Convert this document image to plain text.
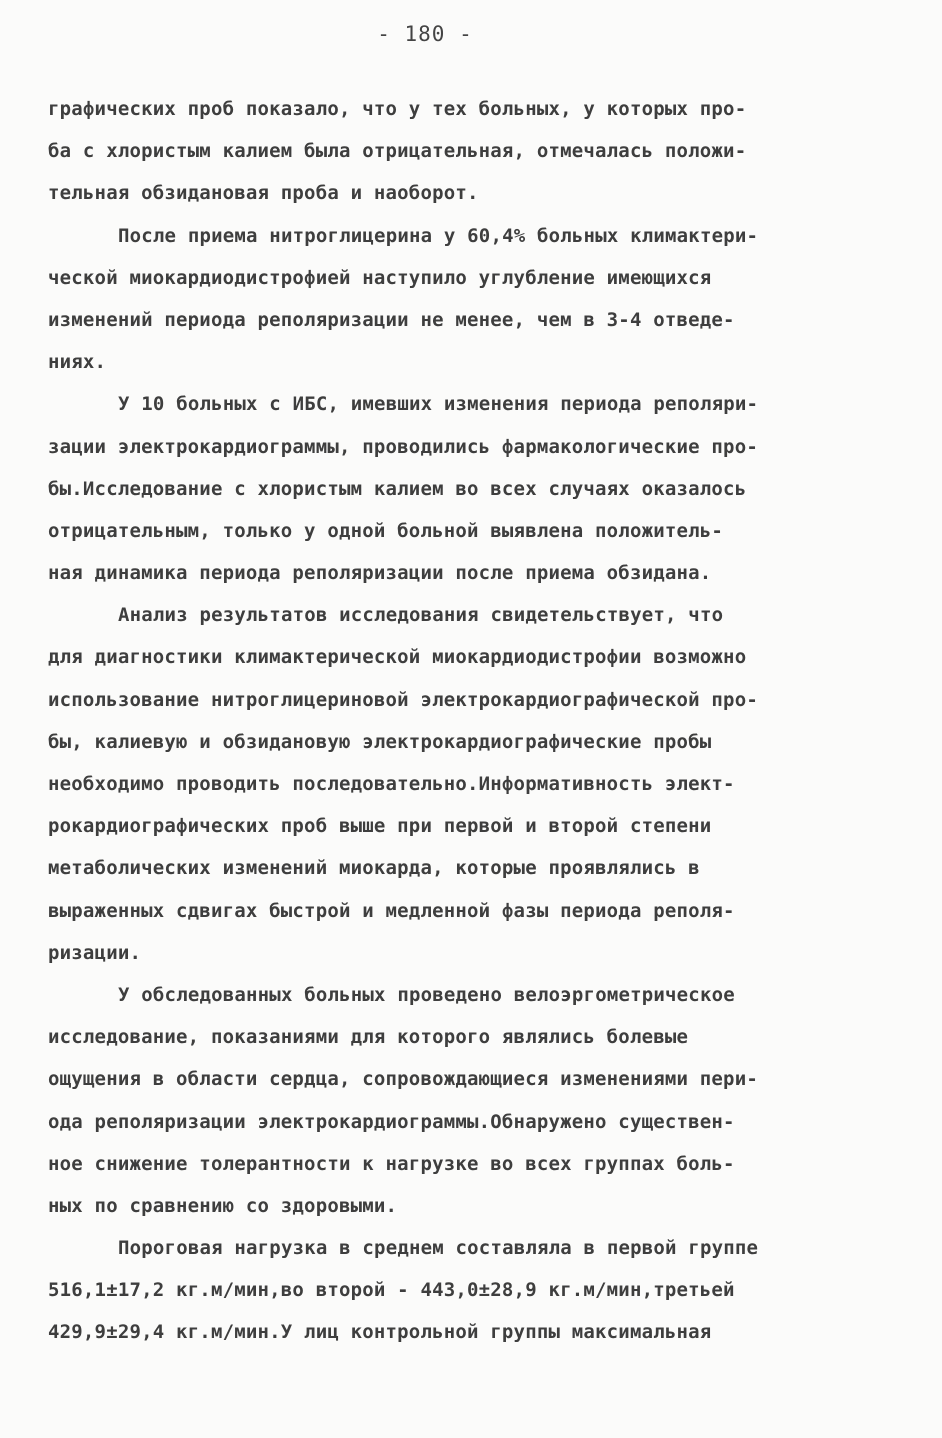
- 180 -
графических проб показало, что у тех больных, у которых про-
ба с хлористым калием была отрицательная, отмечалась положи-
тельная обзидановая проба и наоборот.
После приема нитроглицерина у 60,4% больных климактери-
ческой миокардиодистрофией наступило углубление имеющихся
изменений периода реполяризации не менее, чем в 3-4 отведе-
ниях.
У 10 больных с ИБС, имевших изменения периода реполяри-
зации электрокардиограммы, проводились фармакологические про-
бы.Исследование с хлористым калием во всех случаях оказалось
отрицательным, только у одной больной выявлена положитель-
ная динамика периода реполяризации после приема обзидана.
Анализ результатов исследования свидетельствует, что
для диагностики климактерической миокардиодистрофии возможно
использование нитроглицериновой электрокардиографической про-
бы, калиевую и обзидановую электрокардиографические пробы
необходимо проводить последовательно.Информативность элект-
рокардиографических проб выше при первой и второй степени
метаболических изменений миокарда, которые проявлялись в
выраженных сдвигах быстрой и медленной фазы периода реполя-
ризации.
У обследованных больных проведено велоэргометрическое
исследование, показаниями для которого являлись болевые
ощущения в области сердца, сопровождающиеся изменениями пери-
ода реполяризации электрокардиограммы.Обнаружено существен-
ное снижение толерантности к нагрузке во всех группах боль-
ных по сравнению со здоровыми.
Пороговая нагрузка в среднем составляла в первой группе
516,1±17,2 кг.м/мин,во второй - 443,0±28,9 кг.м/мин,третьей
429,9±29,4 кг.м/мин.У лиц контрольной группы максимальная
